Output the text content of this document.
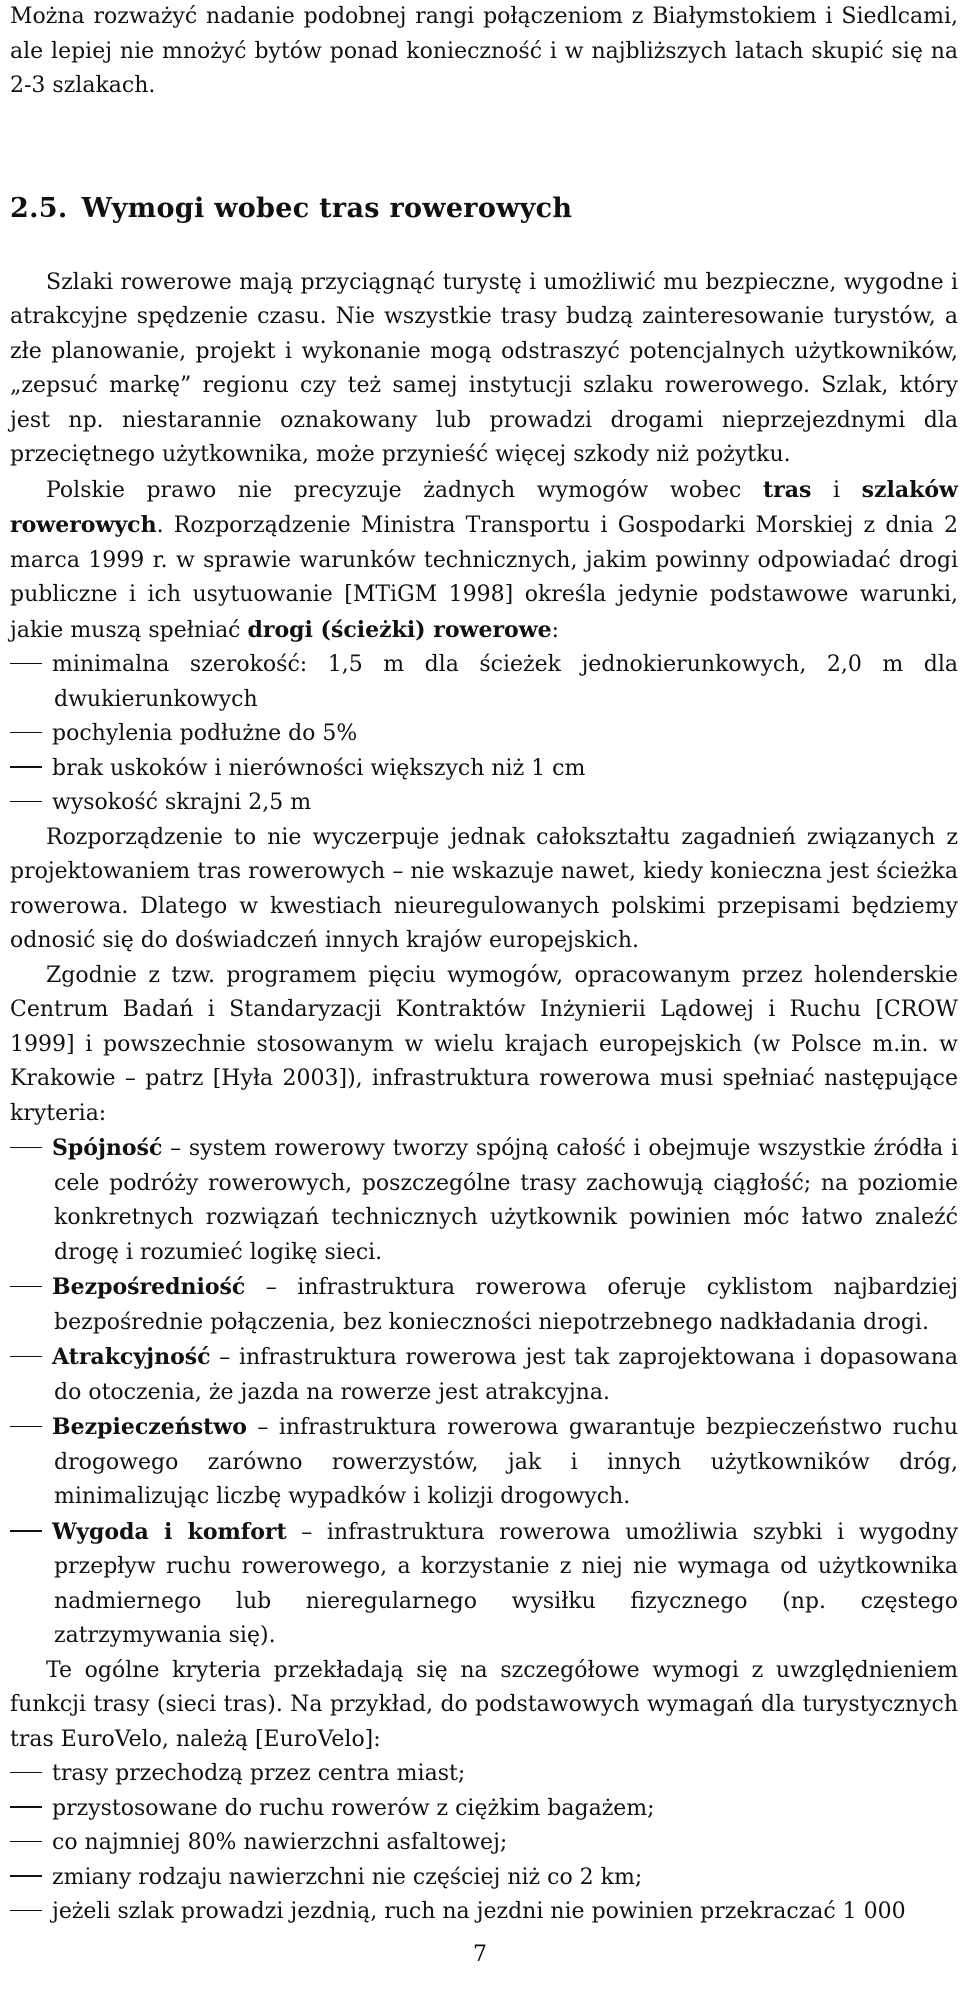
Można rozważyć nadanie podobnej rangi połączeniom z Białymstokiem i Siedlcami, ale lepiej nie mnożyć bytów ponad konieczność i w najbliższych latach skupić się na 2-3 szlakach.

2.5. Wymogi wobec tras rowerowych

Szlaki rowerowe mają przyciągnąć turystę i umożliwić mu bezpieczne, wygodne i atrakcyjne spędzenie czasu. Nie wszystkie trasy budzą zainteresowanie turystów, a złe planowanie, projekt i wykonanie mogą odstraszyć potencjalnych użytkowników, „zepsuć markę” regionu czy też samej instytucji szlaku rowerowego. Szlak, który jest np. niestarannie oznakowany lub prowadzi drogami nieprzejezdnymi dla przeciętnego użytkownika, może przynieść więcej szkody niż pożytku.

Polskie prawo nie precyzuje żadnych wymogów wobec tras i szlaków rowerowych. Rozporządzenie Ministra Transportu i Gospodarki Morskiej z dnia 2 marca 1999 r. w sprawie warunków technicznych, jakim powinny odpowiadać drogi publiczne i ich usytuowanie [MTiGM 1998] określa jedynie podstawowe warunki, jakie muszą spełniać drogi (ścieżki) rowerowe:

minimalna szerokość: 1,5 m dla ścieżek jednokierunkowych, 2,0 m dla dwukierunkowych

pochylenia podłużne do 5%

brak uskoków i nierówności większych niż 1 cm

wysokość skrajni 2,5 m

Rozporządzenie to nie wyczerpuje jednak całokształtu zagadnień związanych z projektowaniem tras rowerowych – nie wskazuje nawet, kiedy konieczna jest ścieżka rowerowa. Dlatego w kwestiach nieuregulowanych polskimi przepisami będziemy odnosić się do doświadczeń innych krajów europejskich.

Zgodnie z tzw. programem pięciu wymogów, opracowanym przez holenderskie Centrum Badań i Standaryzacji Kontraktów Inżynierii Lądowej i Ruchu [CROW 1999] i powszechnie stosowanym w wielu krajach europejskich (w Polsce m.in. w Krakowie – patrz [Hyła 2003]), infrastruktura rowerowa musi spełniać następujące kryteria:

Spójność – system rowerowy tworzy spójną całość i obejmuje wszystkie źródła i cele podróży rowerowych, poszczególne trasy zachowują ciągłość; na poziomie konkretnych rozwiązań technicznych użytkownik powinien móc łatwo znaleźć drogę i rozumieć logikę sieci.

Bezpośredniość – infrastruktura rowerowa oferuje cyklistom najbardziej bezpośrednie połączenia, bez konieczności niepotrzebnego nadkładania drogi.

Atrakcyjność – infrastruktura rowerowa jest tak zaprojektowana i dopasowana do otoczenia, że jazda na rowerze jest atrakcyjna.

Bezpieczeństwo – infrastruktura rowerowa gwarantuje bezpieczeństwo ruchu drogowego zarówno rowerzystów, jak i innych użytkowników dróg, minimalizując liczbę wypadków i kolizji drogowych.

Wygoda i komfort – infrastruktura rowerowa umożliwia szybki i wygodny przepływ ruchu rowerowego, a korzystanie z niej nie wymaga od użytkownika nadmiernego lub nieregularnego wysiłku fizycznego (np. częstego zatrzymywania się).

Te ogólne kryteria przekładają się na szczegółowe wymogi z uwzględnieniem funkcji trasy (sieci tras). Na przykład, do podstawowych wymagań dla turystycznych tras EuroVelo, należą [EuroVelo]:

trasy przechodzą przez centra miast;

przystosowane do ruchu rowerów z ciężkim bagażem;

co najmniej 80% nawierzchni asfaltowej;

zmiany rodzaju nawierzchni nie częściej niż co 2 km;

jeżeli szlak prowadzi jezdnią, ruch na jezdni nie powinien przekraczać 1 000

7
